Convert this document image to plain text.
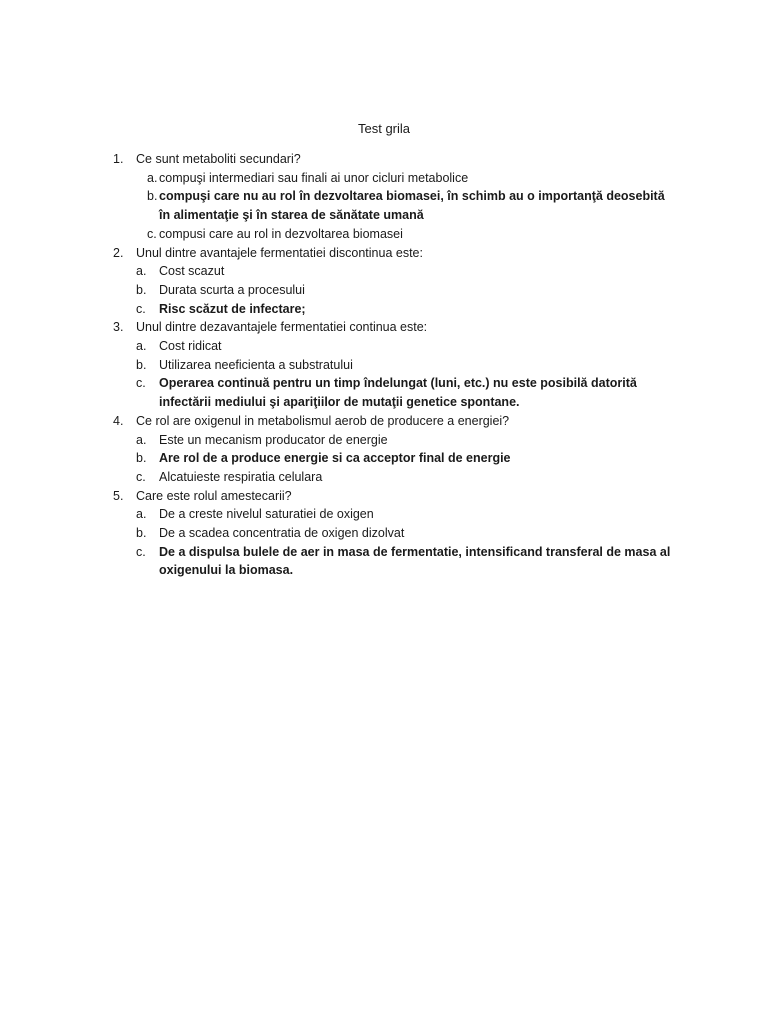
Test grila
1.	Ce sunt metaboliti secundari?
a. compuşi intermediari sau finali ai unor cicluri metabolice
b. compuşi care nu au rol în dezvoltarea biomasei, în schimb au o importanţă deosebită în alimentaţie şi în starea de sănătate umană
c. compusi care au rol in dezvoltarea biomasei
2.	Unul dintre avantajele fermentatiei discontinua este:
a.	Cost scazut
b.	Durata scurta a procesului
c.	Risc scăzut de infectare;
3.	Unul dintre dezavantajele fermentatiei continua este:
a.	Cost ridicat
b.	Utilizarea neeficienta a substratului
c.	Operarea continuă pentru un timp îndelungat (luni, etc.) nu este posibilă datorită infectării mediului şi apariţiilor de mutaţii genetice spontane.
4.	Ce rol are oxigenul in metabolismul aerob de producere a energiei?
a.	Este un mecanism producator de energie
b.	Are rol de a produce energie si ca acceptor final de energie
c.	Alcatuieste respiratia celulara
5.	Care este rolul amestecarii?
a.	De a creste nivelul saturatiei de oxigen
b.	De a scadea concentratia de oxigen dizolvat
c.	De a dispulsa bulele de aer in masa de fermentatie, intensificand transferal de masa al oxigenului la biomasa.
